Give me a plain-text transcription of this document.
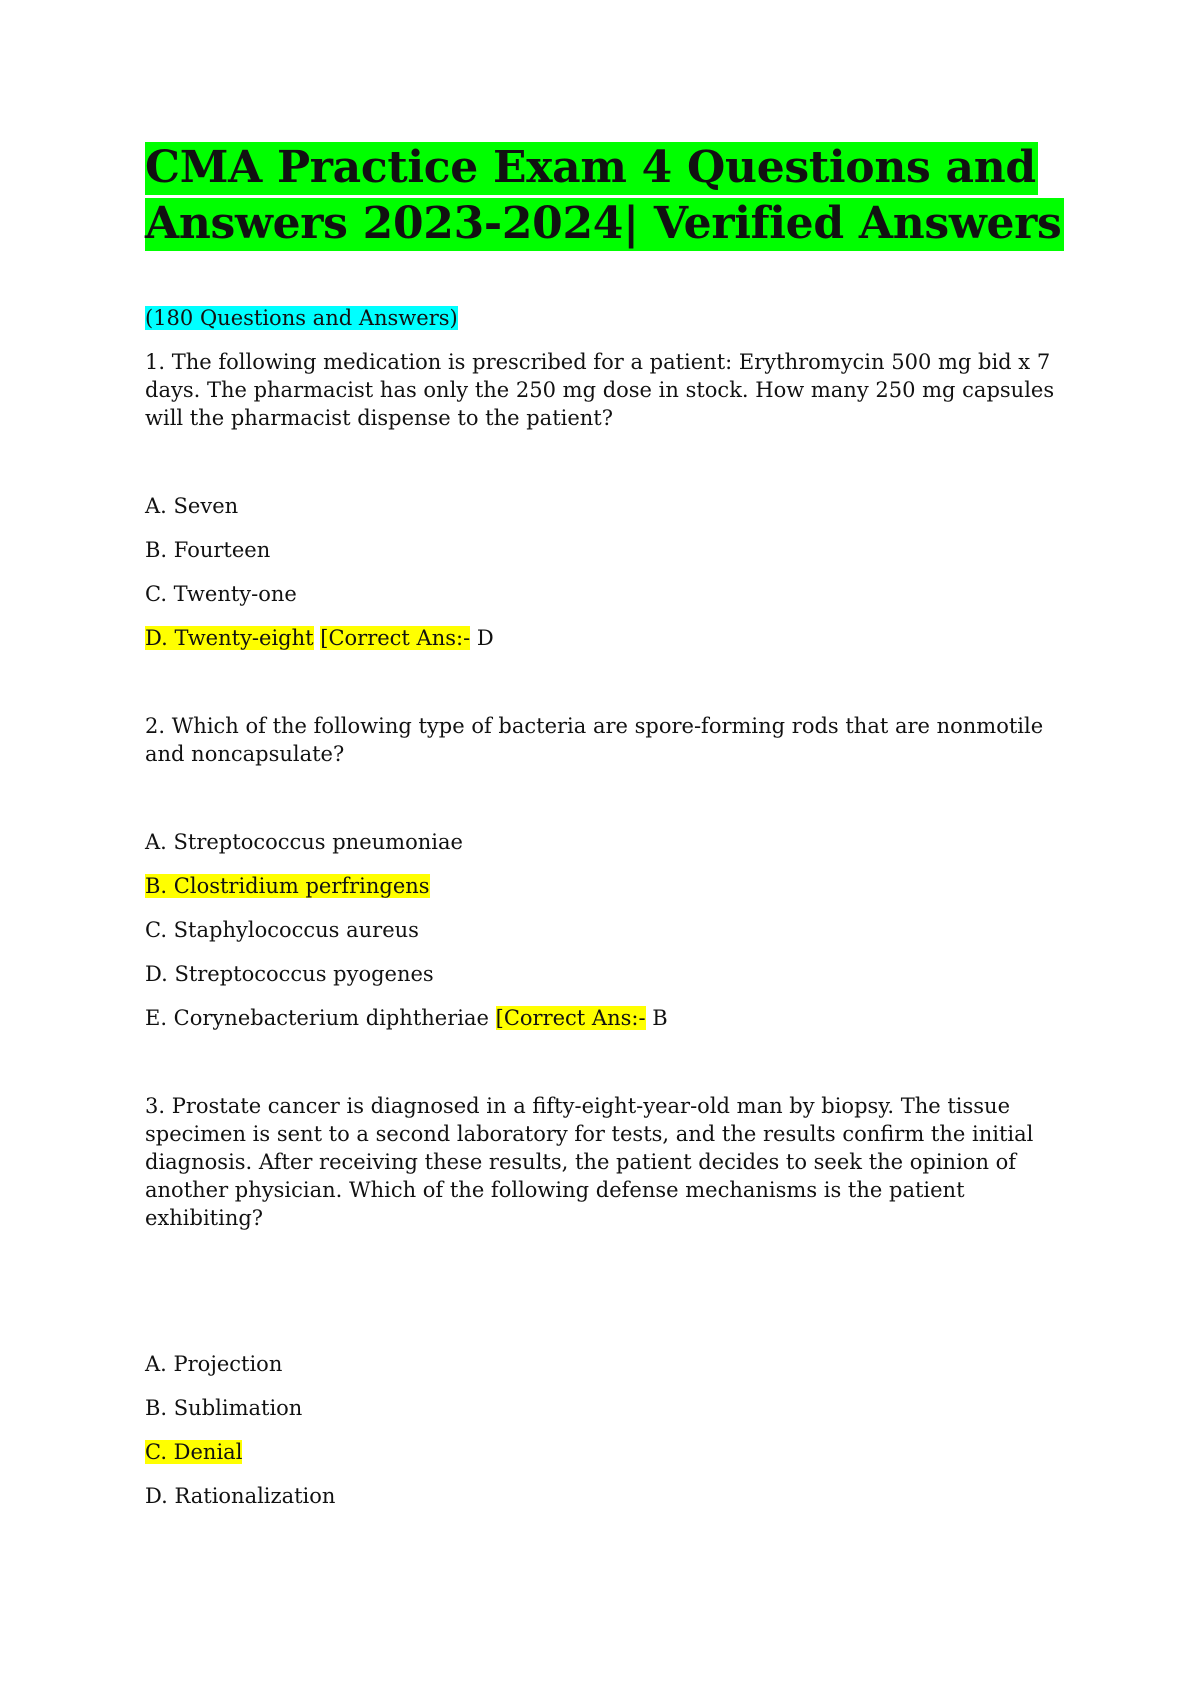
CMA Practice Exam 4 Questions and
Answers 2023-2024| Verified Answers
(180 Questions and Answers)

1. The following medication is prescribed for a patient: Erythromycin 500 mg bid x 7 days. The pharmacist has only the 250 mg dose in stock. How many 250 mg capsules will the pharmacist dispense to the patient?

A. Seven

B. Fourteen

C. Twenty-one

D. Twenty-eight [Correct Ans:- D

2. Which of the following type of bacteria are spore-forming rods that are nonmotile and noncapsulate?

A. Streptococcus pneumoniae

B. Clostridium perfringens

C. Staphylococcus aureus

D. Streptococcus pyogenes

E. Corynebacterium diphtheriae [Correct Ans:- B

3. Prostate cancer is diagnosed in a fifty-eight-year-old man by biopsy. The tissue specimen is sent to a second laboratory for tests, and the results confirm the initial diagnosis. After receiving these results, the patient decides to seek the opinion of another physician. Which of the following defense mechanisms is the patient exhibiting?

A. Projection

B. Sublimation

C. Denial

D. Rationalization
